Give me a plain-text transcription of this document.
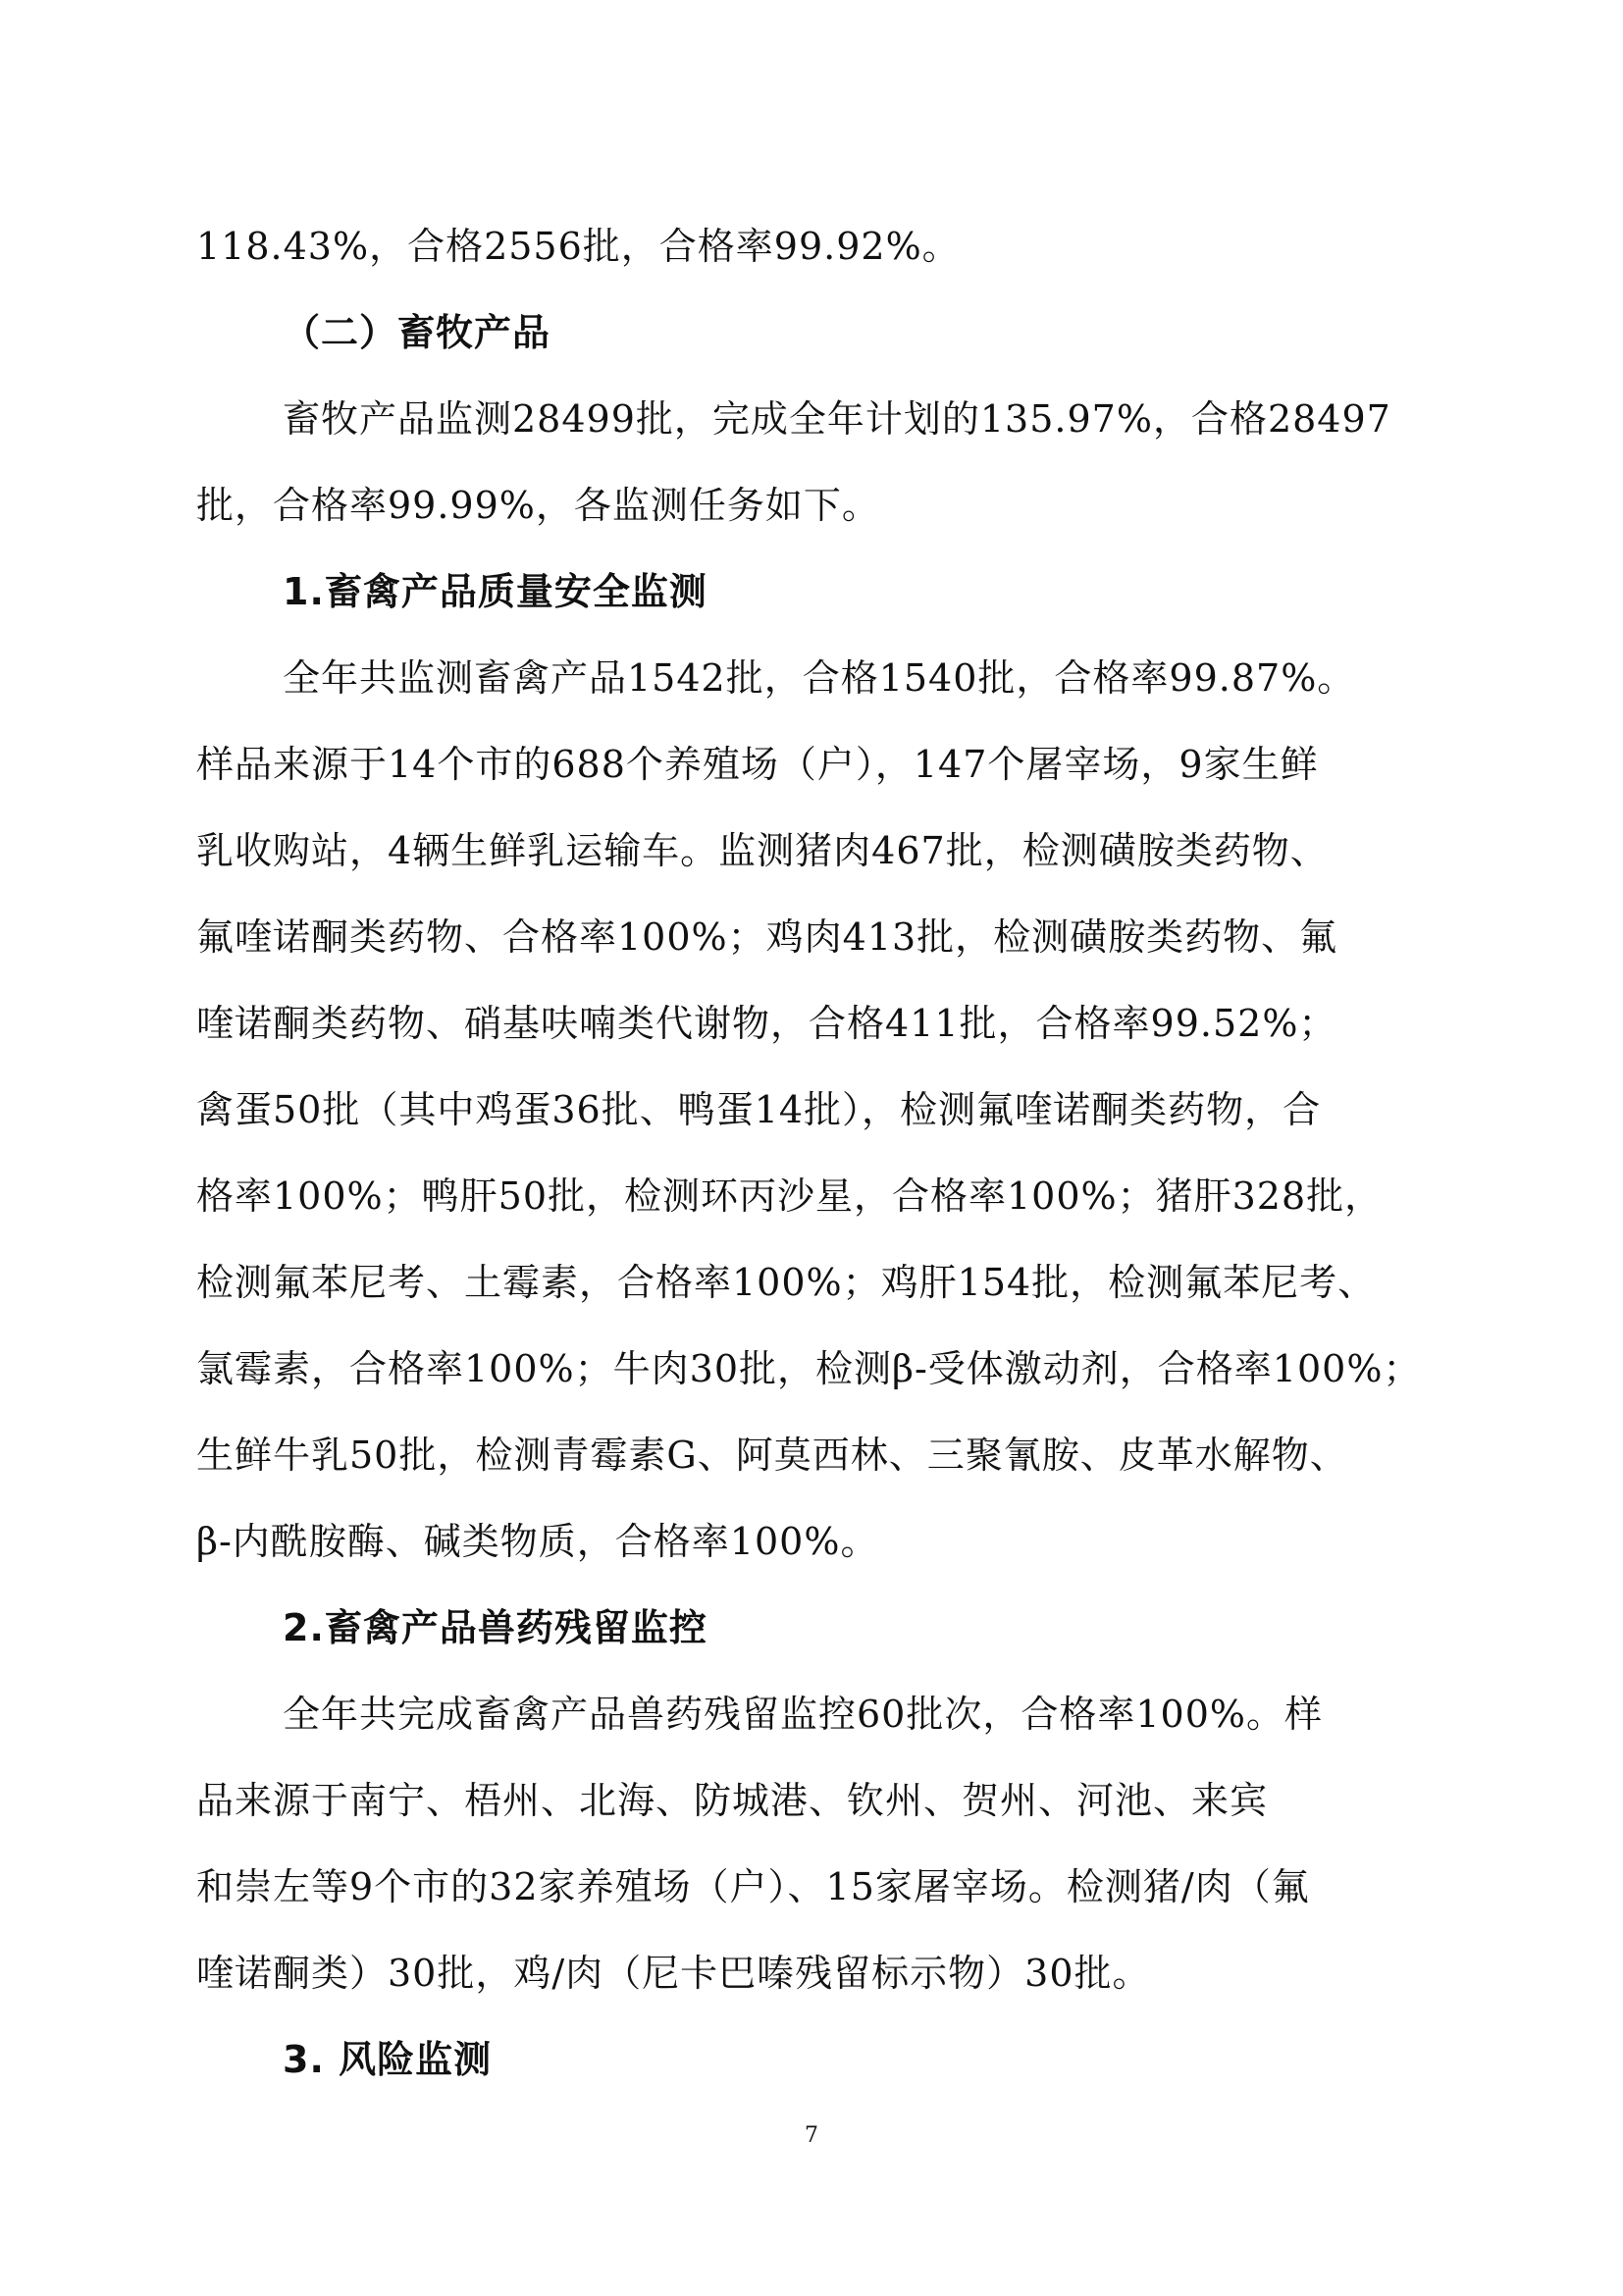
118.43%，合格2556批，合格率99.92%。
（二）畜牧产品
畜牧产品监测28499批，完成全年计划的135.97%，合格28497
批，合格率99.99%，各监测任务如下。
1.畜禽产品质量安全监测
全年共监测畜禽产品1542批，合格1540批，合格率99.87%。
样品来源于14个市的688个养殖场（户），147个屠宰场，9家生鲜
乳收购站，4辆生鲜乳运输车。监测猪肉467批，检测磺胺类药物、
氟喹诺酮类药物、合格率100%；鸡肉413批，检测磺胺类药物、氟
喹诺酮类药物、硝基呋喃类代谢物，合格411批，合格率99.52%；
禽蛋50批（其中鸡蛋36批、鸭蛋14批），检测氟喹诺酮类药物，合
格率100%；鸭肝50批，检测环丙沙星，合格率100%；猪肝328批，
检测氟苯尼考、土霉素，合格率100%；鸡肝154批，检测氟苯尼考、
氯霉素，合格率100%；牛肉30批，检测β-受体激动剂，合格率100%；
生鲜牛乳50批，检测青霉素G、阿莫西林、三聚氰胺、皮革水解物、
β-内酰胺酶、碱类物质，合格率100%。
2.畜禽产品兽药残留监控
全年共完成畜禽产品兽药残留监控60批次，合格率100%。样
品来源于南宁、梧州、北海、防城港、钦州、贺州、河池、来宾
和崇左等9个市的32家养殖场（户）、15家屠宰场。检测猪/肉（氟
喹诺酮类）30批，鸡/肉（尼卡巴嗪残留标示物）30批。
3. 风险监测
7
